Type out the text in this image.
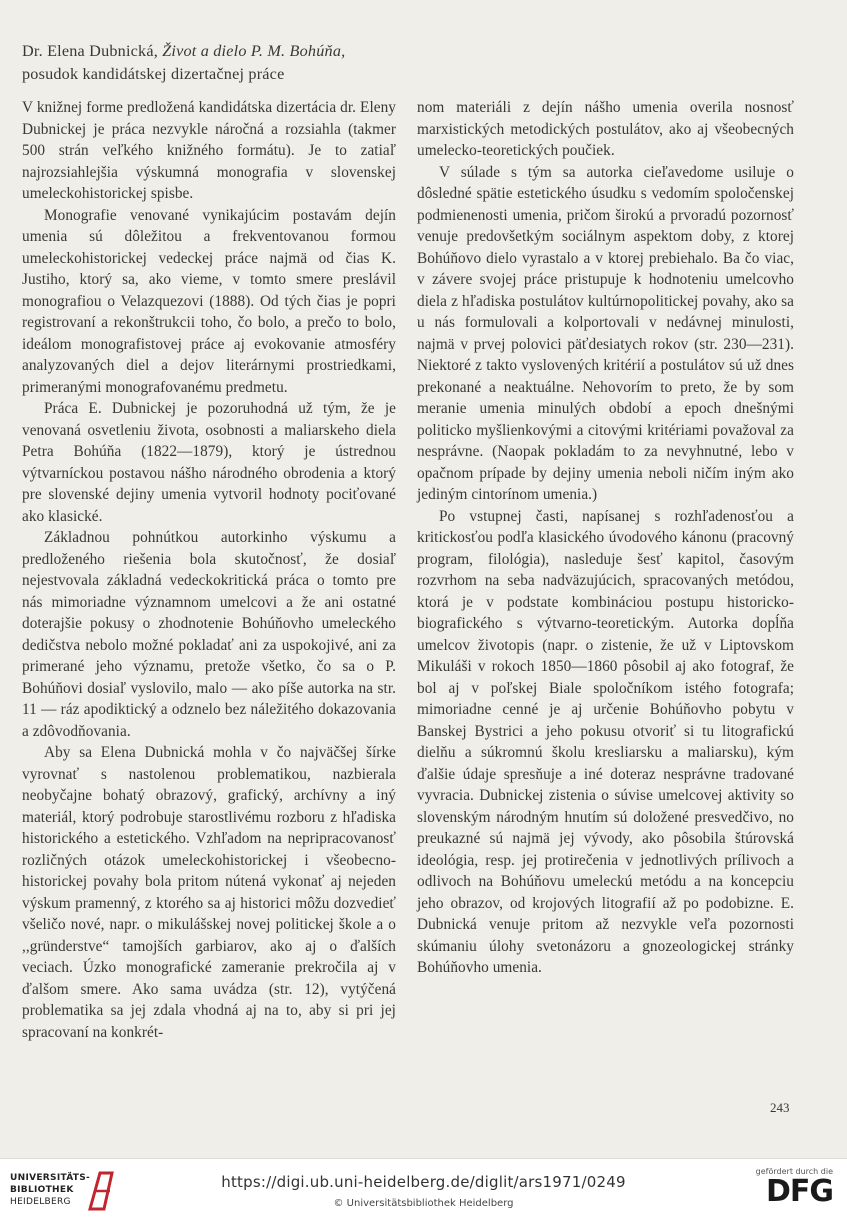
Dr. Elena Dubnická, Život a dielo P. M. Bohúňa,
posudok kandidátskej dizertačnej práce

V knižnej forme predložená kandidátska dizertácia dr. Eleny Dubnickej je práca nezvykle náročná a rozsiahla (takmer 500 strán veľkého knižného formátu). Je to zatiaľ najrozsiahlejšia výskumná monografia v slovenskej umeleckohistorickej spisbe.

Monografie venované vynikajúcim postavám dejín umenia sú dôležitou a frekventovanou formou umeleckohistorickej vedeckej práce najmä od čias K. Justiho, ktorý sa, ako vieme, v tomto smere preslávil monografiou o Velazquezovi (1888). Od tých čias je popri registrovaní a rekonštrukcii toho, čo bolo, a prečo to bolo, ideálom monografistovej práce aj evokovanie atmosféry analyzovaných diel a dejov literárnymi prostriedkami, primeranými monografovanému predmetu.

Práca E. Dubnickej je pozoruhodná už tým, že je venovaná osvetleniu života, osobnosti a maliarskeho diela Petra Bohúňa (1822—1879), ktorý je ústrednou výtvarníckou postavou nášho národného obrodenia a ktorý pre slovenské dejiny umenia vytvoril hodnoty pociťované ako klasické.

Základnou pohnútkou autorkinho výskumu a predloženého riešenia bola skutočnosť, že dosiaľ nejestvovala základná vedeckokritická práca o tomto pre nás mimoriadne významnom umelcovi a že ani ostatné doterajšie pokusy o zhodnotenie Bohúňovho umeleckého dedičstva nebolo možné pokladať ani za uspokojivé, ani za primerané jeho významu, pretože všetko, čo sa o P. Bohúňovi dosiaľ vyslovilo, malo — ako píše autorka na str. 11 — ráz apodiktický a odznelo bez náležitého dokazovania a zdôvodňovania.

Aby sa Elena Dubnická mohla v čo najväčšej šírke vyrovnať s nastolenou problematikou, nazbierala neobyčajne bohatý obrazový, grafický, archívny a iný materiál, ktorý podrobuje starostlivému rozboru z hľadiska historického a estetického. Vzhľadom na nepripracovanosť rozličných otázok umeleckohistorickej i všeobecno-historickej povahy bola pritom nútená vykonať aj nejeden výskum pramenný, z ktorého sa aj historici môžu dozvedieť všeličo nové, napr. o mikulášskej novej politickej škole a o ,,gründerstve“ tamojších garbiarov, ako aj o ďalších veciach. Úzko monografické zameranie prekročila aj v ďalšom smere. Ako sama uvádza (str. 12), vytýčená problematika sa jej zdala vhodná aj na to, aby si pri jej spracovaní na konkrét-

nom materiáli z dejín nášho umenia overila nosnosť marxistických metodických postulátov, ako aj všeobecných umelecko-teoretických poučiek.

V súlade s tým sa autorka cieľavedome usiluje o dôsledné spätie estetického úsudku s vedomím spoločenskej podmienenosti umenia, pričom širokú a prvoradú pozornosť venuje predovšetkým sociálnym aspektom doby, z ktorej Bohúňovo dielo vyrastalo a v ktorej prebiehalo. Ba čo viac, v závere svojej práce pristupuje k hodnoteniu umelcovho diela z hľadiska postulátov kultúrnopolitickej povahy, ako sa u nás formulovali a kolportovali v nedávnej minulosti, najmä v prvej polovici päťdesiatych rokov (str. 230—231). Niektoré z takto vyslovených kritérií a postulátov sú už dnes prekonané a neaktuálne. Nehovorím to preto, že by som meranie umenia minulých období a epoch dnešnými politicko myšlienkovými a citovými kritériami považoval za nesprávne. (Naopak pokladám to za nevyhnutné, lebo v opačnom prípade by dejiny umenia neboli ničím iným ako jediným cintorínom umenia.)

Po vstupnej časti, napísanej s rozhľadenosťou a kritickosťou podľa klasického úvodového kánonu (pracovný program, filológia), nasleduje šesť kapitol, časovým rozvrhom na seba nadväzujúcich, spracovaných metódou, ktorá je v podstate kombináciou postupu historicko-biografického s výtvarno-teoretickým. Autorka dopĺňa umelcov životopis (napr. o zistenie, že už v Liptovskom Mikuláši v rokoch 1850—1860 pôsobil aj ako fotograf, že bol aj v poľskej Biale spoločníkom istého fotografa; mimoriadne cenné je aj určenie Bohúňovho pobytu v Banskej Bystrici a jeho pokusu otvoriť si tu litografickú dielňu a súkromnú školu kresliarsku a maliarsku), kým ďalšie údaje spresňuje a iné doteraz nesprávne tradované vyvracia. Dubnickej zistenia o súvise umelcovej aktivity so slovenským národným hnutím sú doložené presvedčivo, no preukazné sú najmä jej vývody, ako pôsobila štúrovská ideológia, resp. jej protirečenia v jednotlivých prílivoch a odlivoch na Bohúňovu umeleckú metódu a na koncepciu jeho obrazov, od krojových litografií až po podobizne. E. Dubnická venuje pritom až nezvykle veľa pozornosti skúmaniu úlohy svetonázoru a gnozeologickej stránky Bohúňovho umenia.

243
UNIVERSITÄTS-
BIBLIOTHEK
HEIDELBERG
https://digi.ub.uni-heidelberg.de/diglit/ars1971/0249
© Universitätsbibliothek Heidelberg
gefördert durch die
DFG
